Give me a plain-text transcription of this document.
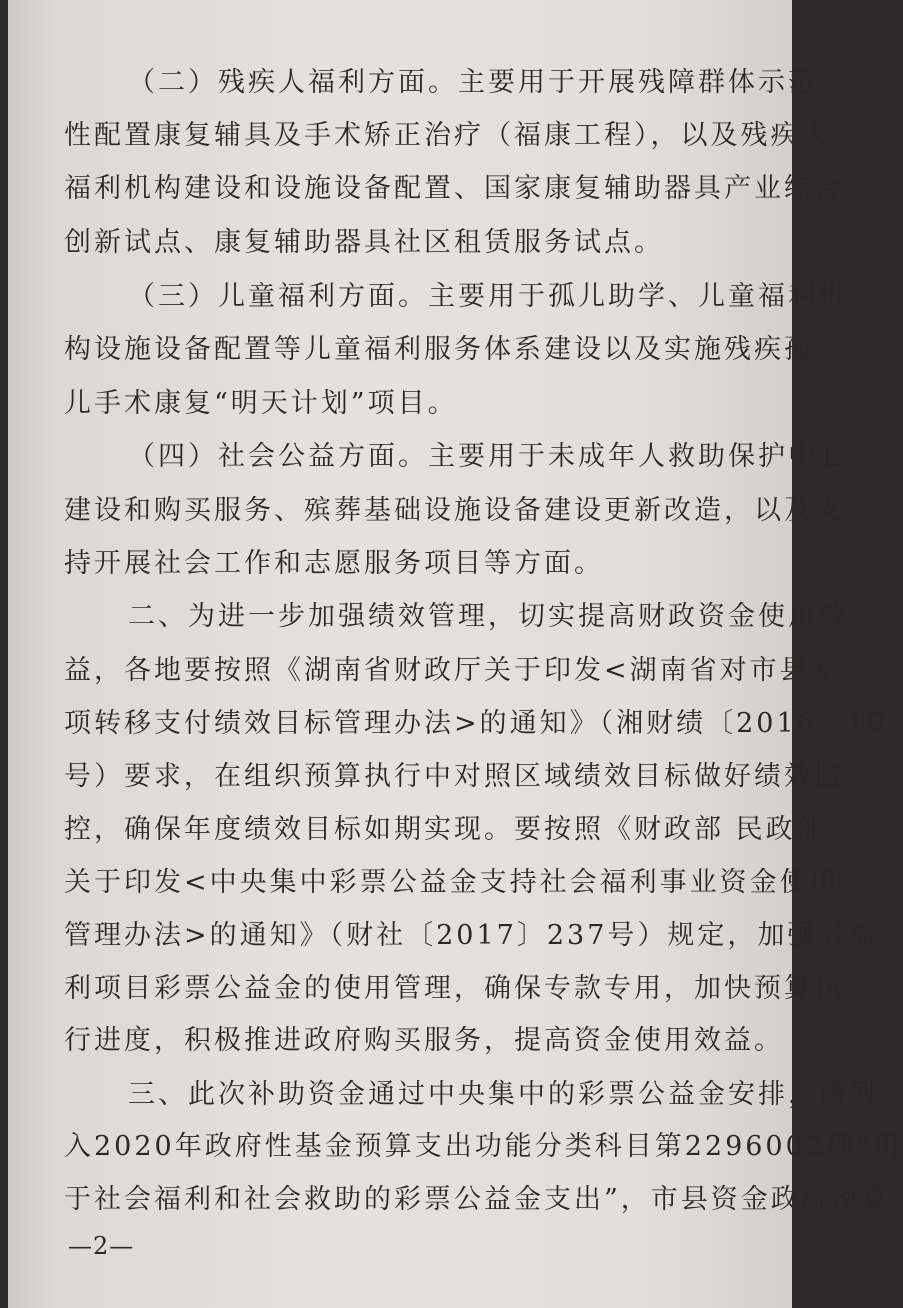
（二）残疾人福利方面。主要用于开展残障群体示范

性配置康复辅具及手术矫正治疗（福康工程），以及残疾人

福利机构建设和设施设备配置、国家康复辅助器具产业综合

创新试点、康复辅助器具社区租赁服务试点。

（三）儿童福利方面。主要用于孤儿助学、儿童福利机

构设施设备配置等儿童福利服务体系建设以及实施残疾孤

儿手术康复“明天计划”项目。

（四）社会公益方面。主要用于未成年人救助保护中心

建设和购买服务、殡葬基础设施设备建设更新改造，以及支

持开展社会工作和志愿服务项目等方面。

二、为进一步加强绩效管理，切实提高财政资金使用效

益，各地要按照《湖南省财政厅关于印发<湖南省对市县专

项转移支付绩效目标管理办法>的通知》（湘财绩〔2016〕10

号）要求，在组织预算执行中对照区域绩效目标做好绩效监

控，确保年度绩效目标如期实现。要按照《财政部 民政部

关于印发<中央集中彩票公益金支持社会福利事业资金使用

管理办法>的通知》（财社〔2017〕237号）规定，加强对福

利项目彩票公益金的使用管理，确保专款专用，加快预算执

行进度，积极推进政府购买服务，提高资金使用效益。

三、此次补助资金通过中央集中的彩票公益金安排，请列

入2020年政府性基金预算支出功能分类科目第2296002项“用

于社会福利和社会救助的彩票公益金支出”，市县资金政府预算

—2—
